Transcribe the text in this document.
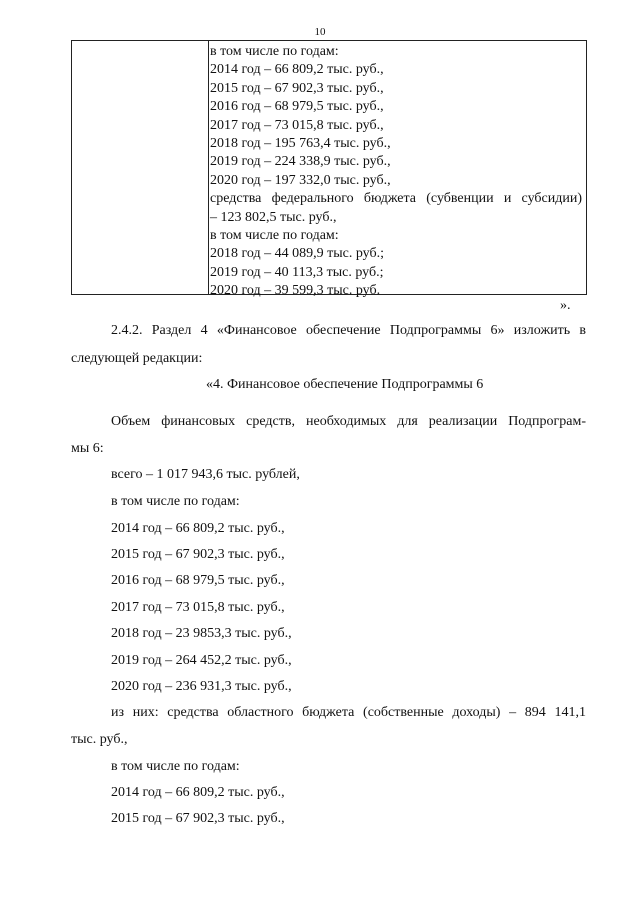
10
в том числе по годам:
2014 год – 66 809,2 тыс. руб.,
2015 год – 67 902,3 тыс. руб.,
2016 год – 68 979,5 тыс. руб.,
2017 год – 73 015,8 тыс. руб.,
2018 год – 195 763,4 тыс. руб.,
2019 год – 224 338,9 тыс. руб.,
2020 год – 197 332,0 тыс. руб.,
средства федерального бюджета (субвенции и субсидии)
– 123 802,5 тыс. руб.,
в том числе по годам:
2018 год – 44 089,9 тыс. руб.;
2019 год – 40 113,3 тыс. руб.;
2020 год – 39 599,3 тыс. руб.
».
2.4.2. Раздел 4 «Финансовое обеспечение Подпрограммы 6» изложить в
следующей редакции:
«4. Финансовое обеспечение Подпрограммы 6
Объем финансовых средств, необходимых для реализации Подпрограм-
мы 6:
всего – 1 017 943,6 тыс. рублей,
в том числе по годам:
2014 год – 66 809,2 тыс. руб.,
2015 год – 67 902,3 тыс. руб.,
2016 год – 68 979,5 тыс. руб.,
2017 год – 73 015,8 тыс. руб.,
2018 год – 23 9853,3 тыс. руб.,
2019 год – 264 452,2 тыс. руб.,
2020 год – 236 931,3 тыс. руб.,
из них: средства областного бюджета (собственные доходы) – 894 141,1
тыс. руб.,
в том числе по годам:
2014 год – 66 809,2 тыс. руб.,
2015 год – 67 902,3 тыс. руб.,
